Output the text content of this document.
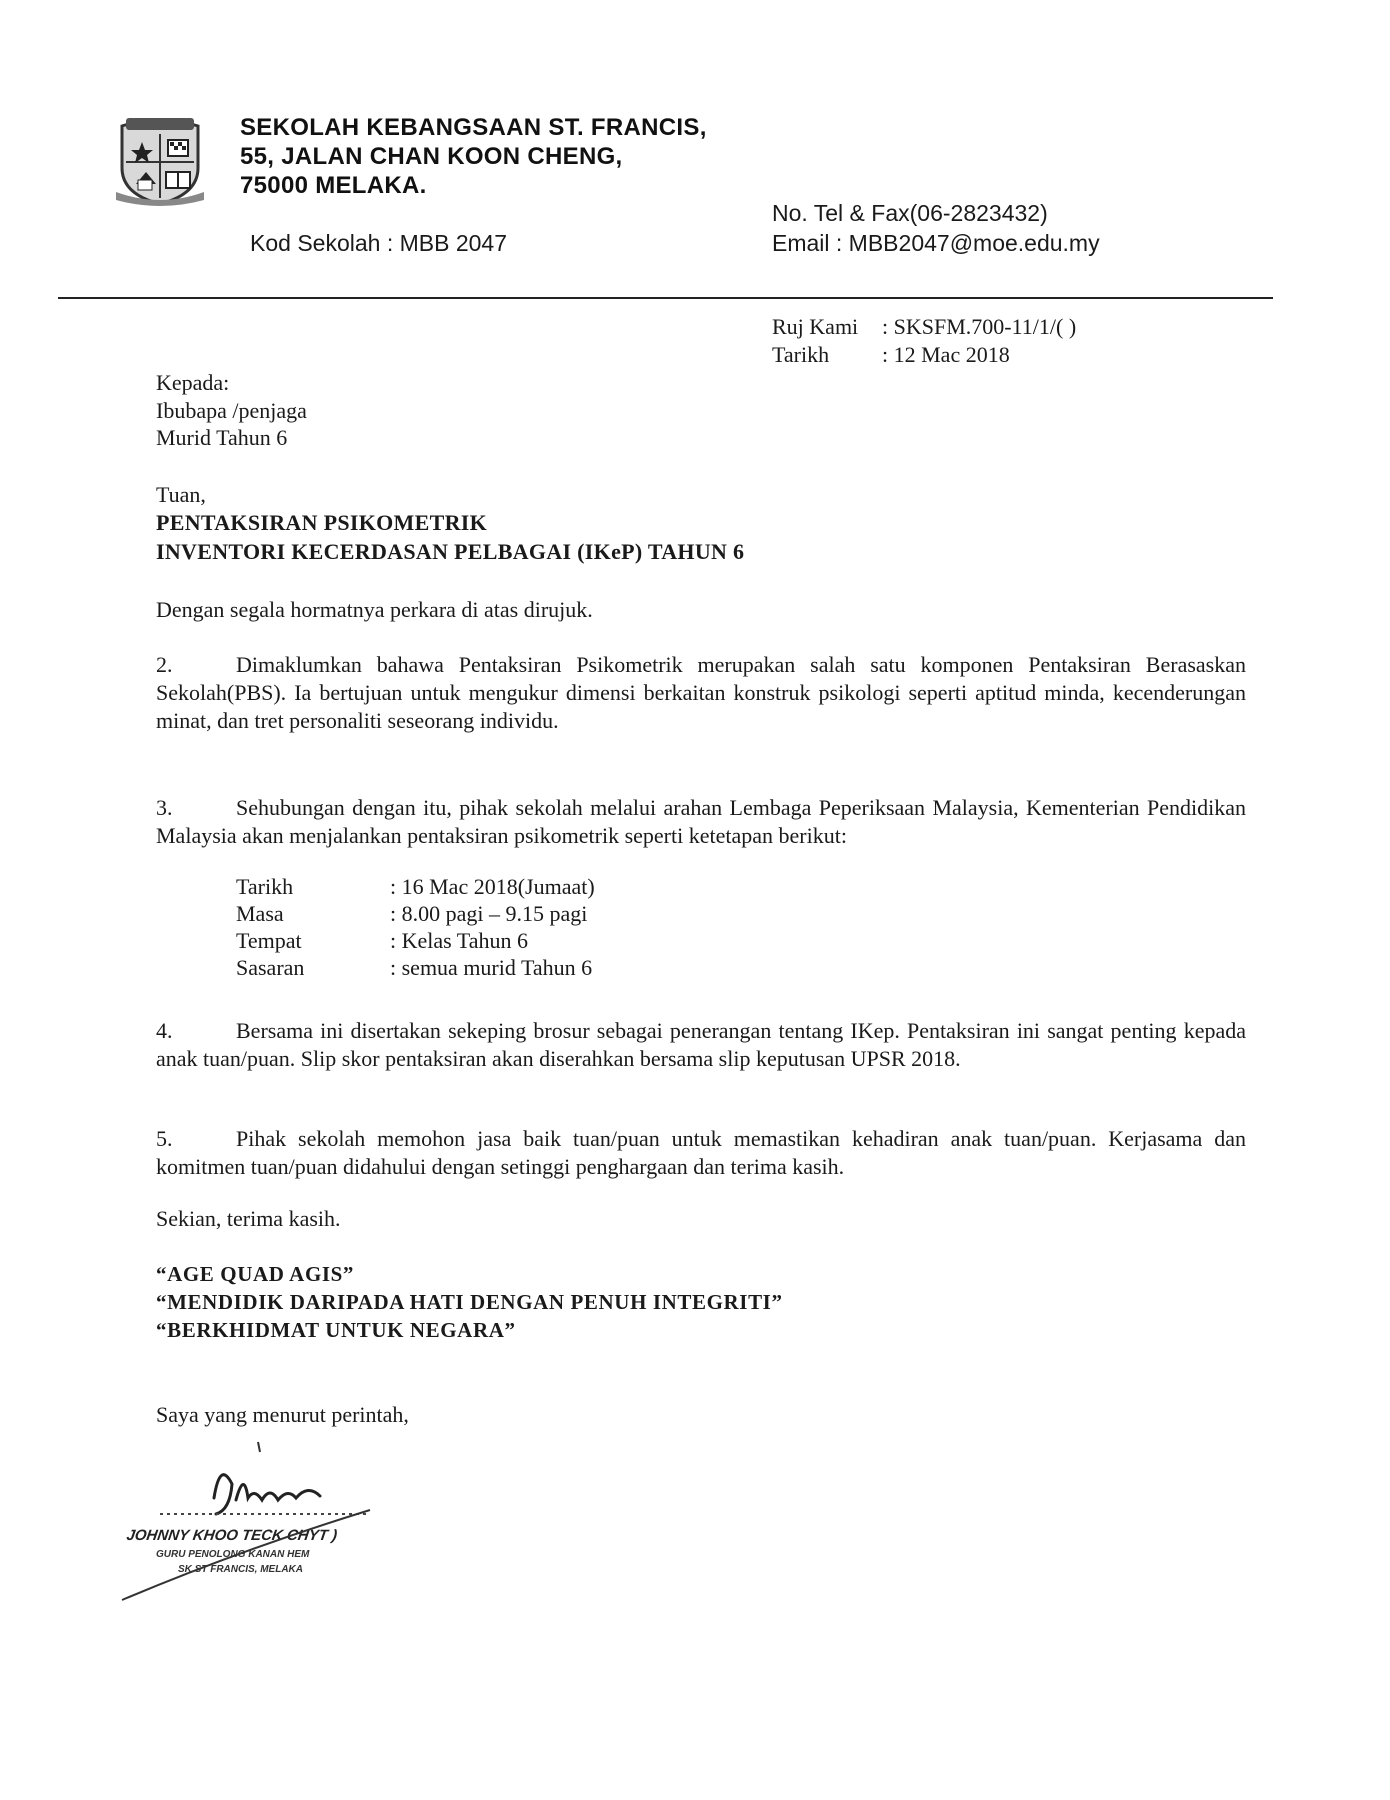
SEKOLAH KEBANGSAAN ST. FRANCIS,
55, JALAN CHAN KOON CHENG,
75000 MELAKA.
Kod Sekolah : MBB 2047
No. Tel & Fax(06-2823432)
Email : MBB2047@moe.edu.my
Ruj Kami : SKSFM.700-11/1/( )
Tarikh : 12 Mac 2018
Kepada:
Ibubapa /penjaga
Murid Tahun 6
Tuan,
PENTAKSIRAN PSIKOMETRIK
INVENTORI KECERDASAN PELBAGAI (IKeP) TAHUN 6
Dengan segala hormatnya perkara di atas dirujuk.
2.	Dimaklumkan bahawa Pentaksiran Psikometrik merupakan salah satu komponen Pentaksiran Berasaskan Sekolah(PBS). Ia bertujuan untuk mengukur dimensi berkaitan konstruk psikologi seperti aptitud minda, kecenderungan minat, dan tret personaliti seseorang individu.
3.	Sehubungan dengan itu, pihak sekolah melalui arahan Lembaga Peperiksaan Malaysia, Kementerian Pendidikan Malaysia akan menjalankan pentaksiran psikometrik seperti ketetapan berikut:
Tarikh	: 16 Mac 2018(Jumaat)
Masa	: 8.00 pagi – 9.15 pagi
Tempat	: Kelas Tahun 6
Sasaran	: semua murid Tahun 6
4.	Bersama ini disertakan sekeping brosur sebagai penerangan tentang IKep. Pentaksiran ini sangat penting kepada anak tuan/puan. Slip skor pentaksiran akan diserahkan bersama slip keputusan UPSR 2018.
5.	Pihak sekolah memohon jasa baik tuan/puan untuk memastikan kehadiran anak tuan/puan. Kerjasama dan komitmen tuan/puan didahului dengan setinggi penghargaan dan terima kasih.
Sekian, terima kasih.
“AGE QUAD AGIS”
“MENDIDIK DARIPADA HATI DENGAN PENUH INTEGRITI”
“BERKHIDMAT UNTUK NEGARA”
Saya yang menurut perintah,
JOHNNY KHOO TECK CHYT )
GURU PENOLONG KANAN HEM
SK ST FRANCIS, MELAKA
